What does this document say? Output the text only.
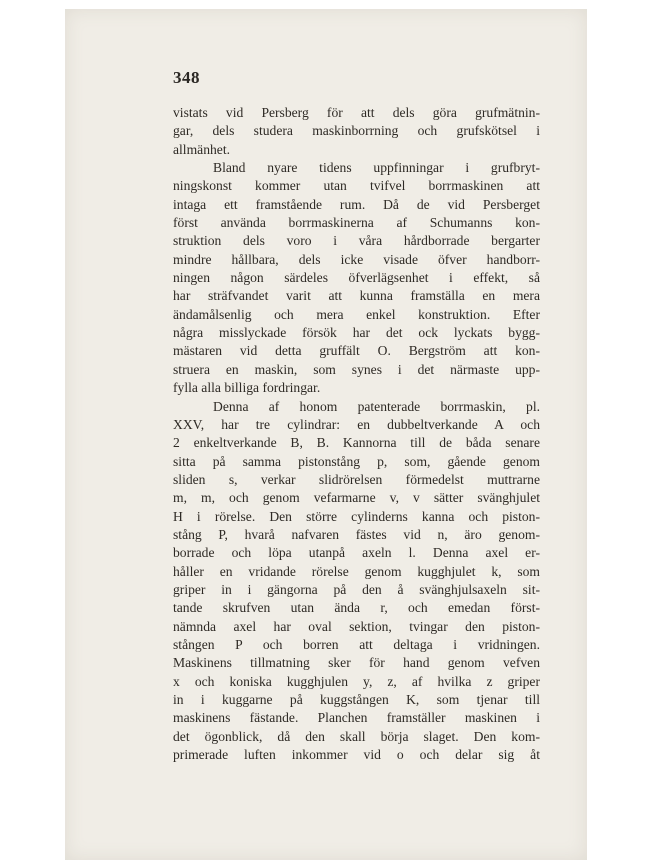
348
vistats vid Persberg för att dels göra grufmätnin-
gar, dels studera maskinborrning och grufskötsel i
allmänhet.
Bland nyare tidens uppfinningar i grufbryt-
ningskonst kommer utan tvifvel borrmaskinen att
intaga ett framstående rum. Då de vid Persberget
först använda borrmaskinerna af Schumanns kon-
struktion dels voro i våra hårdborrade bergarter
mindre hållbara, dels icke visade öfver handborr-
ningen någon särdeles öfverlägsenhet i effekt, så
har sträfvandet varit att kunna framställa en mera
ändamålsenlig och mera enkel konstruktion. Efter
några misslyckade försök har det ock lyckats bygg-
mästaren vid detta gruffält O. Bergström att kon-
struera en maskin, som synes i det närmaste upp-
fylla alla billiga fordringar.
Denna af honom patenterade borrmaskin, pl.
XXV, har tre cylindrar: en dubbeltverkande A och
2 enkeltverkande B, B. Kannorna till de båda senare
sitta på samma pistonstång p, som, gående genom
sliden s, verkar slidrörelsen förmedelst muttrarne
m, m, och genom vefarmarne v, v sätter svänghjulet
H i rörelse. Den större cylinderns kanna och piston-
stång P, hvarå nafvaren fästes vid n, äro genom-
borrade och löpa utanpå axeln l. Denna axel er-
håller en vridande rörelse genom kugghjulet k, som
griper in i gängorna på den å svänghjulsaxeln sit-
tande skrufven utan ända r, och emedan först-
nämnda axel har oval sektion, tvingar den piston-
stången P och borren att deltaga i vridningen.
Maskinens tillmatning sker för hand genom vefven
x och koniska kugghjulen y, z, af hvilka z griper
in i kuggarne på kuggstången K, som tjenar till
maskinens fästande. Planchen framställer maskinen i
det ögonblick, då den skall börja slaget. Den kom-
primerade luften inkommer vid o och delar sig åt
